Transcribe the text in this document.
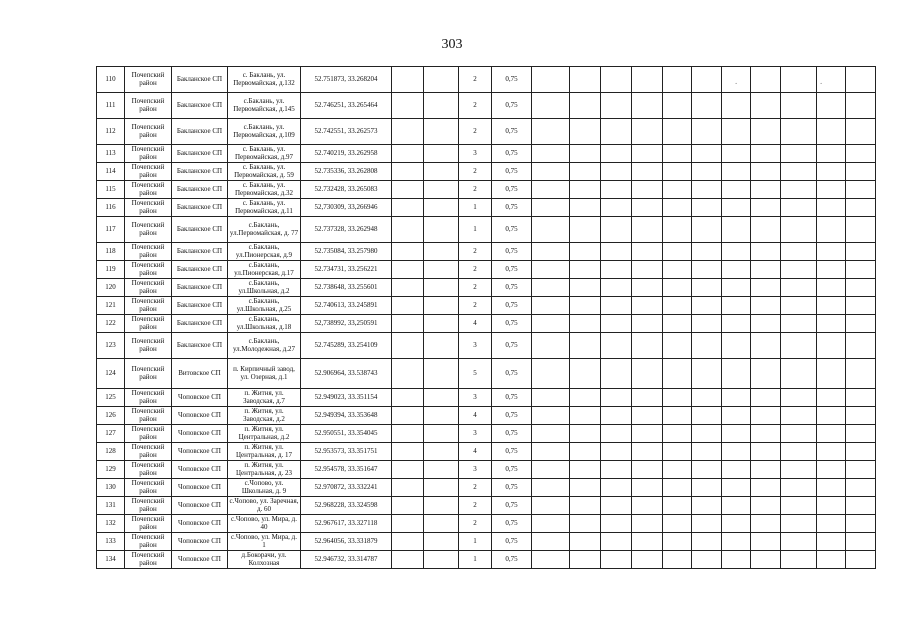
303
.	.
110	Почепский район	Бакланское СП	с. Баклань, ул. Первомайская, д.132	52.751873, 33.268204			2	0,75											
111	Почепский район	Бакланское СП	с.Баклань, ул. Первомайская, д.145	52.746251, 33.265464			2	0,75											
112	Почепский район	Бакланское СП	с.Баклань, ул. Первомайская, д.109	52.742551, 33.262573			2	0,75											
113	Почепский район	Бакланское СП	с. Баклань, ул. Первомайская, д.97	52.740219, 33.262958			3	0,75											
114	Почепский район	Бакланское СП	с. Баклань, ул. Первомайская, д. 59	52.735336, 33.262808			2	0,75											
115	Почепский район	Бакланское СП	с. Баклань, ул. Первомайская, д.32	52.732428, 33.265083			2	0,75											
116	Почепский район	Бакланское СП	с. Баклань, ул. Первомайская, д.11	52,730309, 33,266946			1	0,75											
117	Почепский район	Бакланское СП	с.Баклань, ул.Первомайская, д. 77	52.737328, 33.262948			1	0,75											
118	Почепский район	Бакланское СП	с.Баклань, ул.Пионерская, д.9	52.735084, 33.257980			2	0,75											
119	Почепский район	Бакланское СП	с.Баклань, ул.Пионерская, д.17	52.734731, 33.256221			2	0,75											
120	Почепский район	Бакланское СП	с.Баклань, ул.Школьная, д.2	52.738648, 33.255601			2	0,75											
121	Почепский район	Бакланское СП	с.Баклань, ул.Школьная, д.25	52.740613, 33.245891			2	0,75											
122	Почепский район	Бакланское СП	с.Баклань, ул.Школьная, д.18	52,738992, 33,250591			4	0,75											
123	Почепский район	Бакланское СП	с.Баклань, ул.Молодежная, д.27	52.745289, 33.254109			3	0,75											
124	Почепский район	Витовское СП	п. Кирпичный завод, ул. Озерная, д.1	52.906964, 33.538743			5	0,75											
125	Почепский район	Чоповское СП	п. Житня, ул. Заводская, д.7	52.949023, 33.351154			3	0,75											
126	Почепский район	Чоповское СП	п. Житня, ул. Заводская, д.2	52.949394, 33.353648			4	0,75											
127	Почепский район	Чоповское СП	п. Житня, ул. Центральная, д.2	52.950551, 33.354045			3	0,75											
128	Почепский район	Чоповское СП	п. Житня, ул. Центральная, д. 17	52.953573, 33.351751			4	0,75											
129	Почепский район	Чоповское СП	п. Житня, ул. Центральная, д. 23	52.954578, 33.351647			3	0,75											
130	Почепский район	Чоповское СП	с.Чопово, ул. Школьная, д. 9	52.970872, 33.332241			2	0,75											
131	Почепский район	Чоповское СП	с.Чопово, ул. Заречная, д. 60	52.968228, 33.324598			2	0,75											
132	Почепский район	Чоповское СП	с.Чопово, ул. Мира, д. 40	52.967617, 33.327118			2	0,75											
133	Почепский район	Чоповское СП	с.Чопово, ул. Мира, д. 1	52.964056, 33.331879			1	0,75											
134	Почепский район	Чоповское СП	д.Бокорачи, ул. Колхозная	52.946732, 33.314787			1	0,75											
